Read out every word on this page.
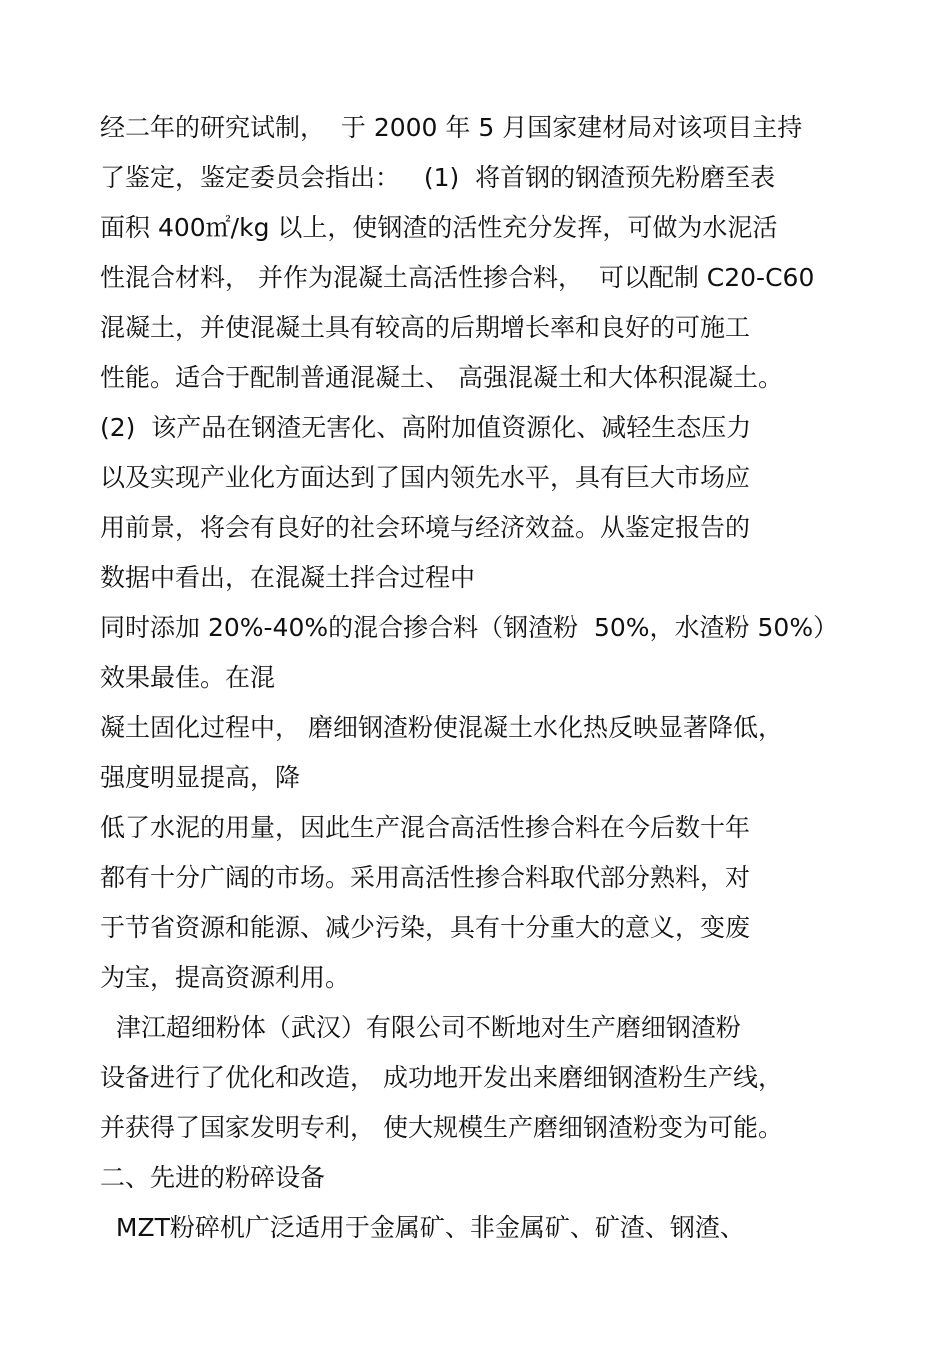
经二年的研究试制，  于 2000 年 5 月国家建材局对该项目主持
了鉴定，鉴定委员会指出：   (1)  将首钢的钢渣预先粉磨至表
面积 400㎡/kg 以上，使钢渣的活性充分发挥，可做为水泥活
性混合材料， 并作为混凝土高活性掺合料，  可以配制 C20-C60
混凝土，并使混凝土具有较高的后期增长率和良好的可施工
性能。适合于配制普通混凝土、 高强混凝土和大体积混凝土。
(2)  该产品在钢渣无害化、高附加值资源化、减轻生态压力
以及实现产业化方面达到了国内领先水平，具有巨大市场应
用前景，将会有良好的社会环境与经济效益。从鉴定报告的
数据中看出，在混凝土拌合过程中
同时添加 20%-40%的混合掺合料（钢渣粉  50%，水渣粉 50%）
效果最佳。在混
凝土固化过程中， 磨细钢渣粉使混凝土水化热反映显著降低，
强度明显提高，降
低了水泥的用量，因此生产混合高活性掺合料在今后数十年
都有十分广阔的市场。采用高活性掺合料取代部分熟料，对
于节省资源和能源、减少污染，具有十分重大的意义，变废
为宝，提高资源利用。
津江超细粉体（武汉）有限公司不断地对生产磨细钢渣粉
设备进行了优化和改造， 成功地开发出来磨细钢渣粉生产线，
并获得了国家发明专利， 使大规模生产磨细钢渣粉变为可能。
二、先进的粉碎设备
MZT粉碎机广泛适用于金属矿、非金属矿、矿渣、钢渣、
